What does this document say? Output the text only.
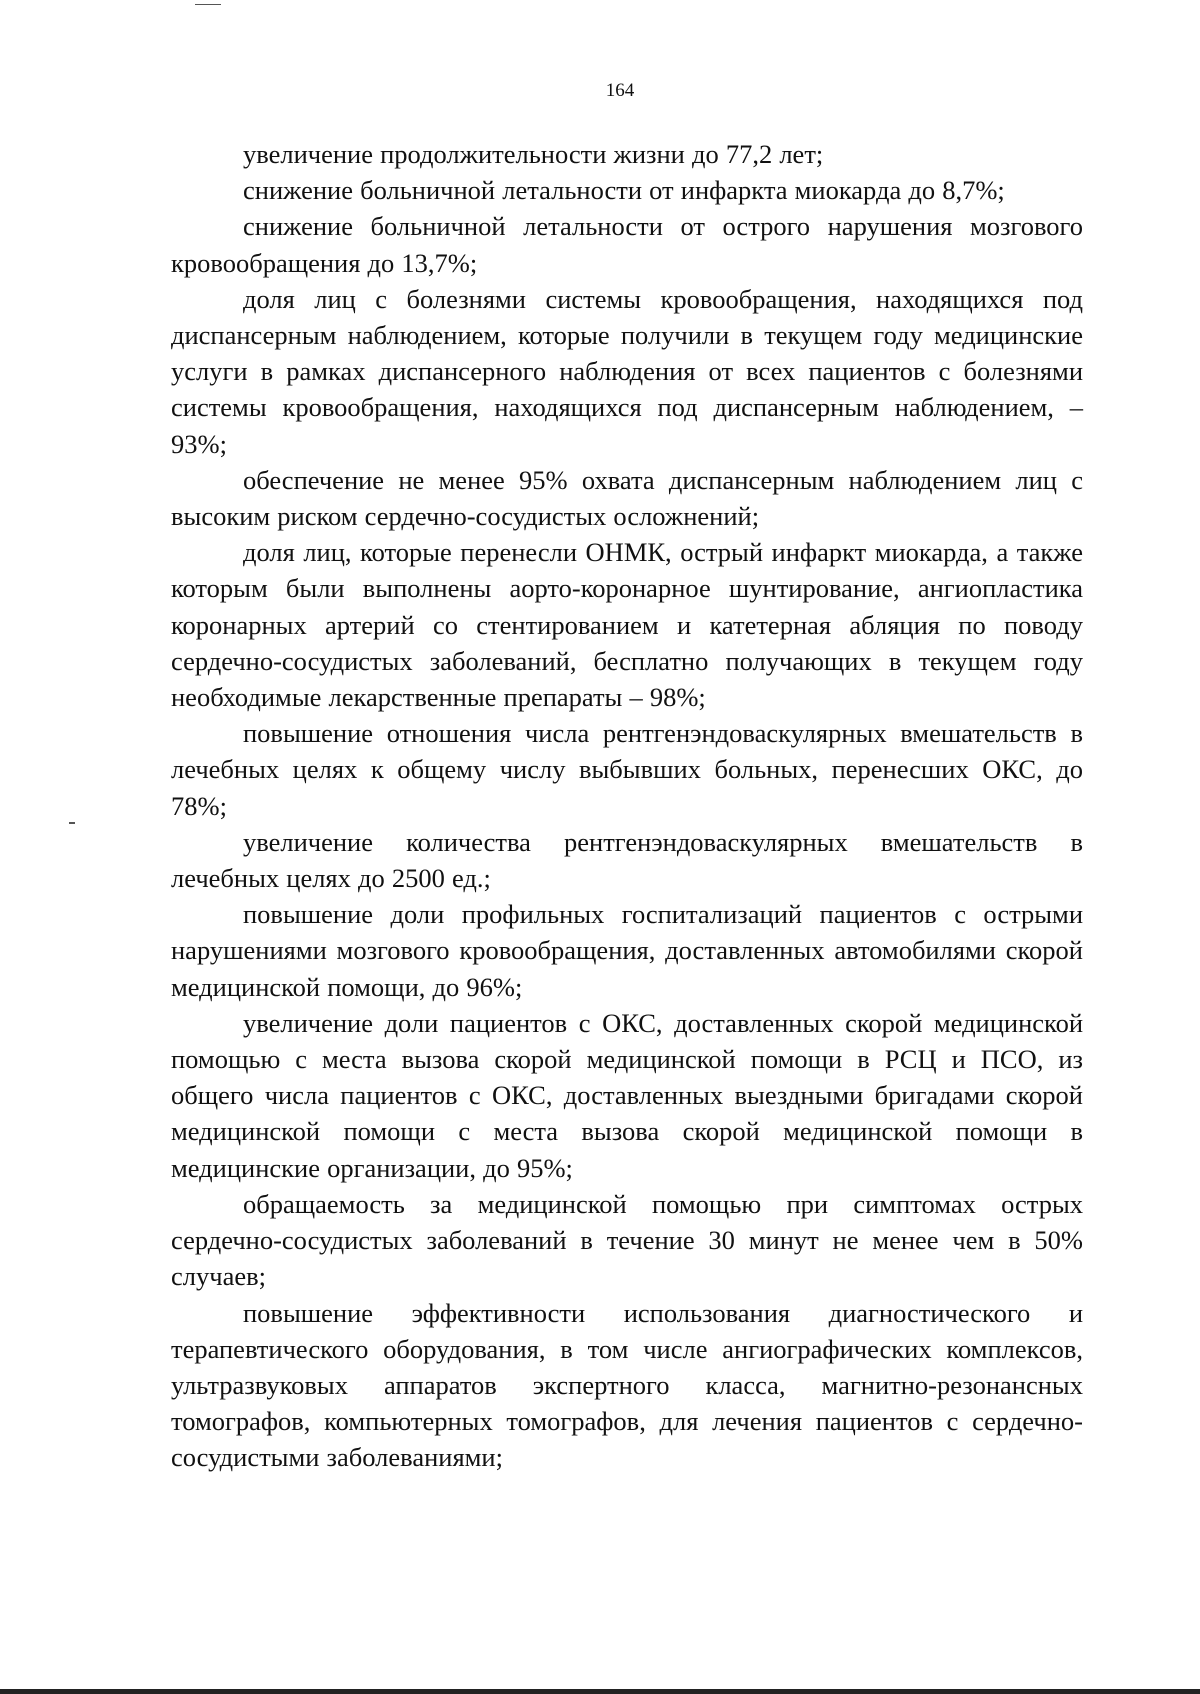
164

увеличение продолжительности жизни до 77,2 лет;

снижение больничной летальности от инфаркта миокарда до 8,7%;

снижение больничной летальности от острого нарушения мозгового кровообращения до 13,7%;

доля лиц с болезнями системы кровообращения, находящихся под диспансерным наблюдением, которые получили в текущем году медицинские услуги в рамках диспансерного наблюдения от всех пациентов с болезнями системы кровообращения, находящихся под диспансерным наблюдением, – 93%;

обеспечение не менее 95% охвата диспансерным наблюдением лиц с высоким риском сердечно-сосудистых осложнений;

доля лиц, которые перенесли ОНМК, острый инфаркт миокарда, а также которым были выполнены аорто-коронарное шунтирование, ангиопластика коронарных артерий со стентированием и катетерная абляция по поводу сердечно-сосудистых заболеваний, бесплатно получающих в текущем году необходимые лекарственные препараты – 98%;

повышение отношения числа рентгенэндоваскулярных вмешательств в лечебных целях к общему числу выбывших больных, перенесших ОКС, до 78%;

увеличение количества рентгенэндоваскулярных вмешательств в лечебных целях до 2500 ед.;

повышение доли профильных госпитализаций пациентов с острыми нарушениями мозгового кровообращения, доставленных автомобилями скорой медицинской помощи, до 96%;

увеличение доли пациентов с ОКС, доставленных скорой медицинской помощью с места вызова скорой медицинской помощи в РСЦ и ПСО, из общего числа пациентов с ОКС, доставленных выездными бригадами скорой медицинской помощи с места вызова скорой медицинской помощи в медицинские организации, до 95%;

обращаемость за медицинской помощью при симптомах острых сердечно-сосудистых заболеваний в течение 30 минут не менее чем в 50% случаев;

повышение эффективности использования диагностического и терапевтического оборудования, в том числе ангиографических комплексов, ультразвуковых аппаратов экспертного класса, магнитно-резонансных томографов, компьютерных томографов, для лечения пациентов с сердечно-сосудистыми заболеваниями;
